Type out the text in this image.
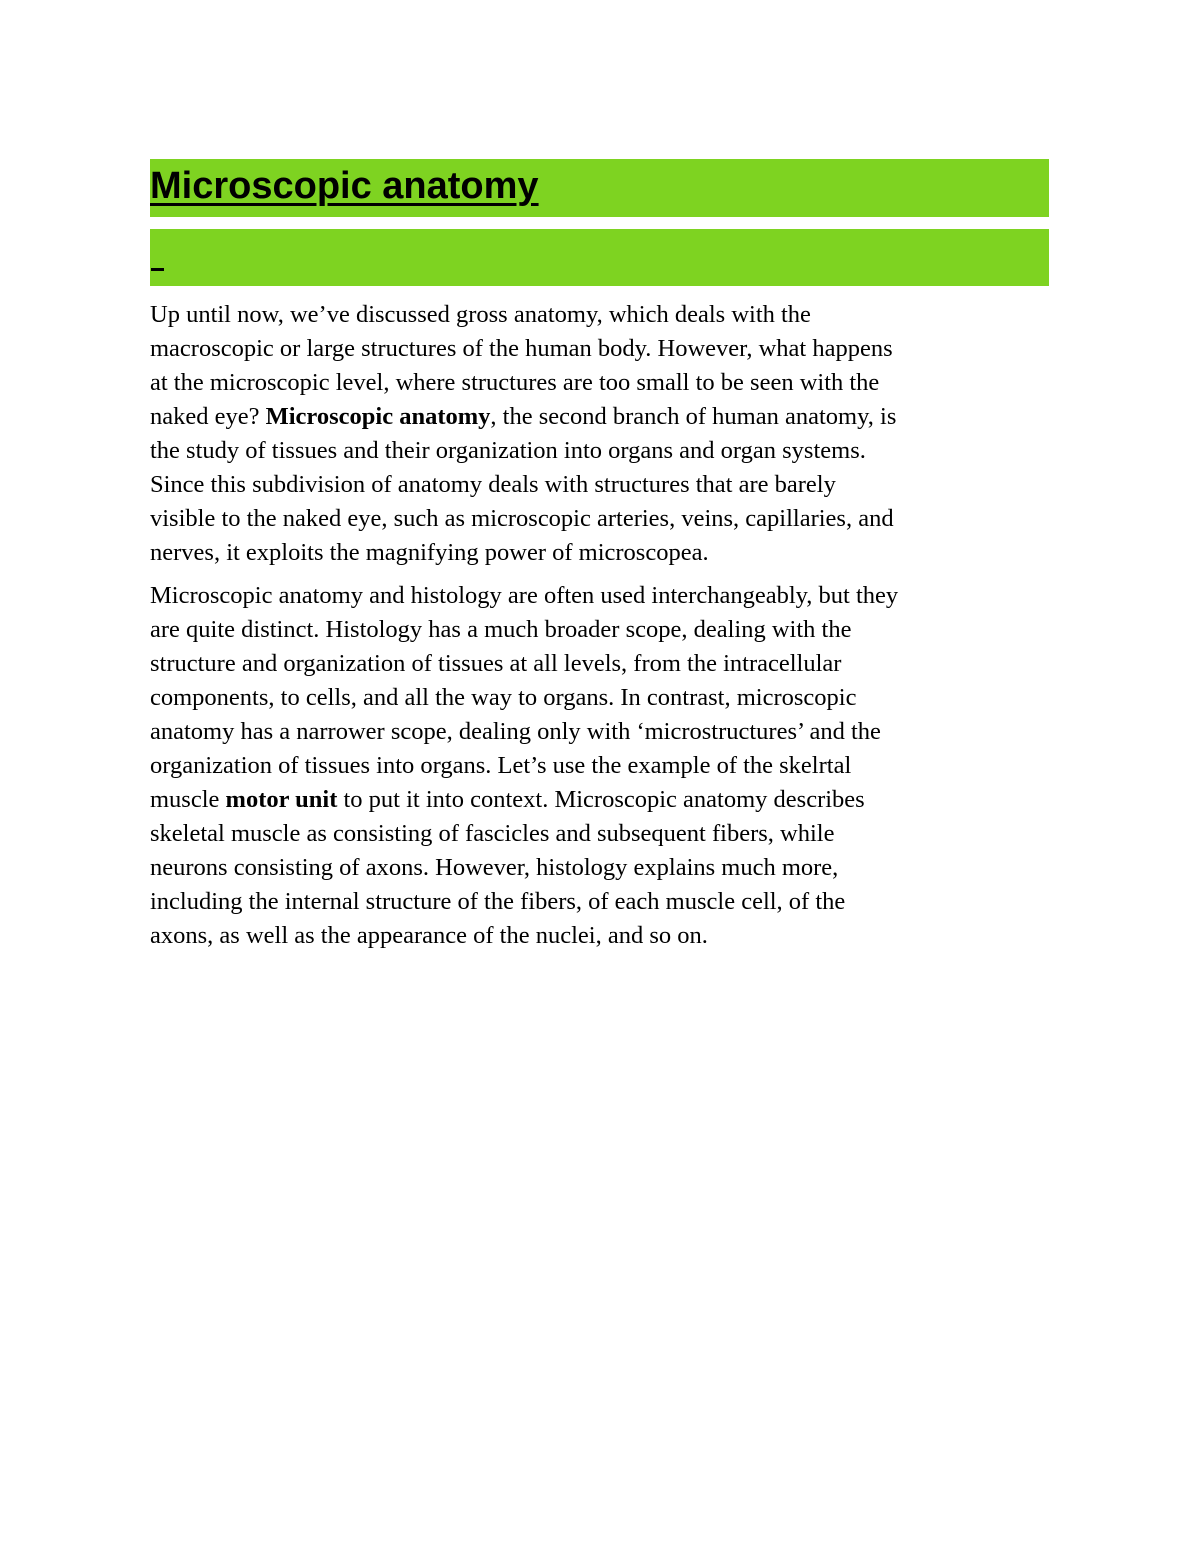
Microscopic anatomy

Up until now, we’ve discussed gross anatomy, which deals with the
macroscopic or large structures of the human body. However, what happens
at the microscopic level, where structures are too small to be seen with the
naked eye? Microscopic anatomy, the second branch of human anatomy, is
the study of tissues and their organization into organs and organ systems.
Since this subdivision of anatomy deals with structures that are barely
visible to the naked eye, such as microscopic arteries, veins, capillaries, and
nerves, it exploits the magnifying power of microscopea.

Microscopic anatomy and histology are often used interchangeably, but they
are quite distinct. Histology has a much broader scope, dealing with the
structure and organization of tissues at all levels, from the intracellular
components, to cells, and all the way to organs. In contrast, microscopic
anatomy has a narrower scope, dealing only with ‘microstructures’ and the
organization of tissues into organs. Let’s use the example of the skelrtal
muscle motor unit to put it into context. Microscopic anatomy describes
skeletal muscle as consisting of fascicles and subsequent fibers, while
neurons consisting of axons. However, histology explains much more,
including the internal structure of the fibers, of each muscle cell, of the
axons, as well as the appearance of the nuclei, and so on.
